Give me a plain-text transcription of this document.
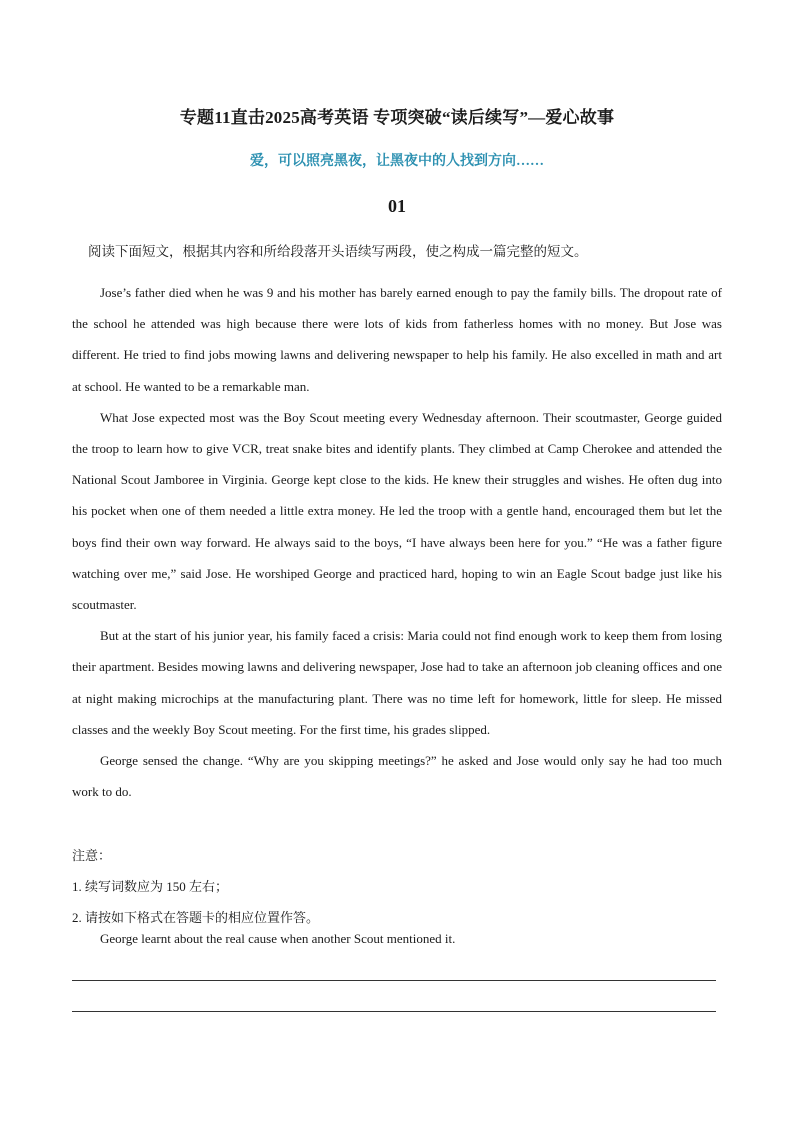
专题11直击2025高考英语 专项突破“读后续写”—爱心故事
爱，可以照亮黑夜，让黑夜中的人找到方向……
01
阅读下面短文，根据其内容和所给段落开头语续写两段，使之构成一篇完整的短文。

Jose’s father died when he was 9 and his mother has barely earned enough to pay the family bills. The dropout rate of the school he attended was high because there were lots of kids from fatherless homes with no money. But Jose was different. He tried to find jobs mowing lawns and delivering newspaper to help his family. He also excelled in math and art at school. He wanted to be a remarkable man.

What Jose expected most was the Boy Scout meeting every Wednesday afternoon. Their scoutmaster, George guided the troop to learn how to give VCR, treat snake bites and identify plants. They climbed at Camp Cherokee and attended the National Scout Jamboree in Virginia. George kept close to the kids. He knew their struggles and wishes. He often dug into his pocket when one of them needed a little extra money. He led the troop with a gentle hand, encouraged them but let the boys find their own way forward. He always said to the boys, “I have always been here for you.” “He was a father figure watching over me,” said Jose. He worshiped George and practiced hard, hoping to win an Eagle Scout badge just like his scoutmaster.

But at the start of his junior year, his family faced a crisis: Maria could not find enough work to keep them from losing their apartment. Besides mowing lawns and delivering newspaper, Jose had to take an afternoon job cleaning offices and one at night making microchips at the manufacturing plant. There was no time left for homework, little for sleep. He missed classes and the weekly Boy Scout meeting. For the first time, his grades slipped.

George sensed the change. “Why are you skipping meetings?” he asked and Jose would only say he had too much work to do.

注意：
1. 续写词数应为 150 左右；
2. 请按如下格式在答题卡的相应位置作答。
George learnt about the real cause when another Scout mentioned it.
